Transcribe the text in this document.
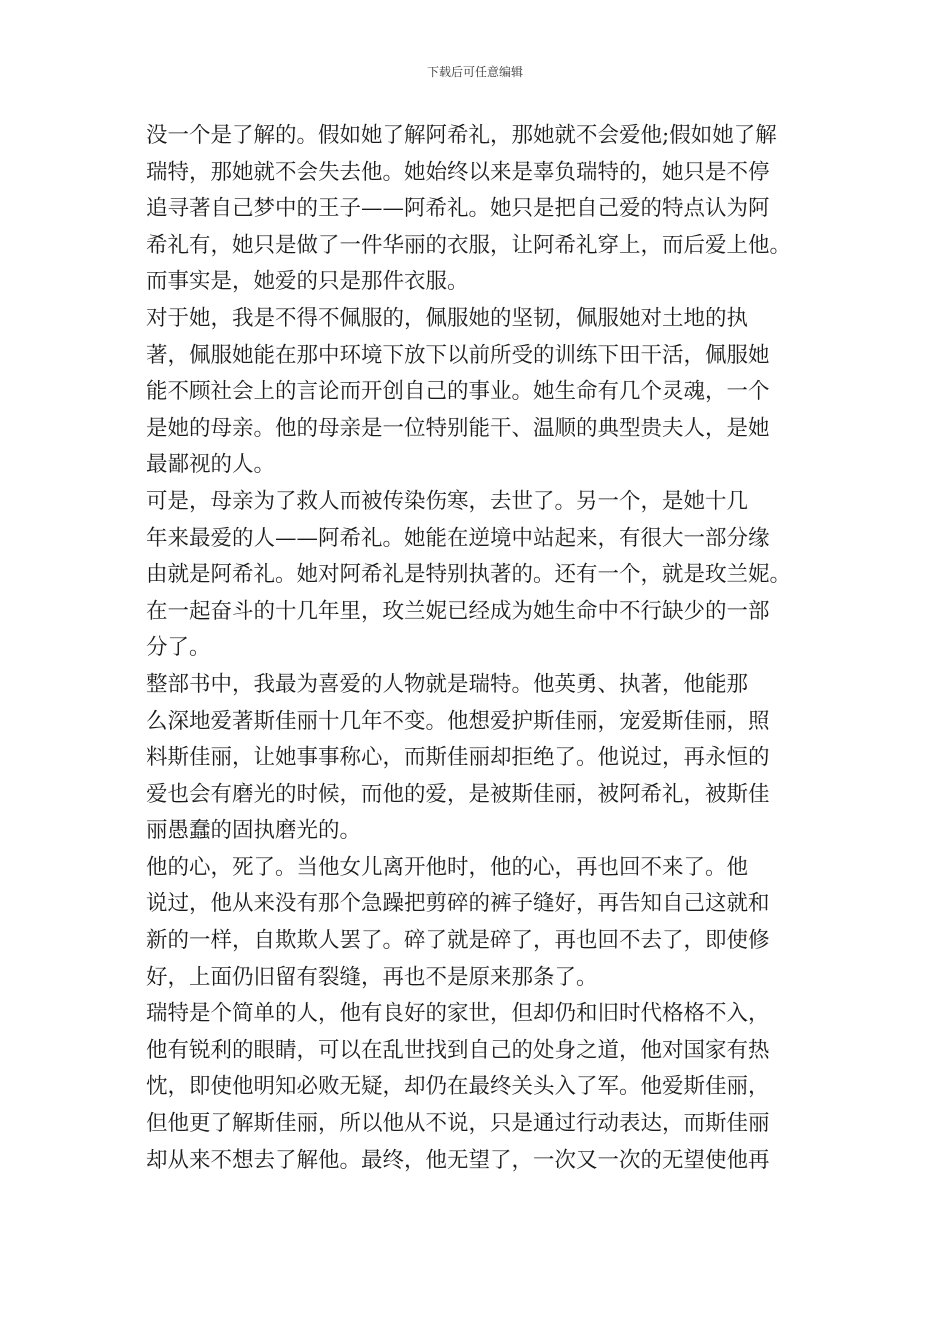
下载后可任意编辑
没一个是了解的。假如她了解阿希礼，那她就不会爱他;假如她了解
瑞特，那她就不会失去他。她始终以来是辜负瑞特的，她只是不停
追寻著自己梦中的王子——阿希礼。她只是把自己爱的特点认为阿
希礼有，她只是做了一件华丽的衣服，让阿希礼穿上，而后爱上他。
而事实是，她爱的只是那件衣服。
对于她，我是不得不佩服的，佩服她的坚韧，佩服她对土地的执
著，佩服她能在那中环境下放下以前所受的训练下田干活，佩服她
能不顾社会上的言论而开创自己的事业。她生命有几个灵魂，一个
是她的母亲。他的母亲是一位特别能干、温顺的典型贵夫人，是她
最鄙视的人。
可是，母亲为了救人而被传染伤寒，去世了。另一个，是她十几
年来最爱的人——阿希礼。她能在逆境中站起来，有很大一部分缘
由就是阿希礼。她对阿希礼是特别执著的。还有一个，就是玫兰妮。
在一起奋斗的十几年里，玫兰妮已经成为她生命中不行缺少的一部
分了。
整部书中，我最为喜爱的人物就是瑞特。他英勇、执著，他能那
么深地爱著斯佳丽十几年不变。他想爱护斯佳丽，宠爱斯佳丽，照
料斯佳丽，让她事事称心，而斯佳丽却拒绝了。他说过，再永恒的
爱也会有磨光的时候，而他的爱，是被斯佳丽，被阿希礼，被斯佳
丽愚蠢的固执磨光的。
他的心，死了。当他女儿离开他时，他的心，再也回不来了。他
说过，他从来没有那个急躁把剪碎的裤子缝好，再告知自己这就和
新的一样，自欺欺人罢了。碎了就是碎了，再也回不去了，即使修
好，上面仍旧留有裂缝，再也不是原来那条了。
瑞特是个简单的人，他有良好的家世，但却仍和旧时代格格不入，
他有锐利的眼睛，可以在乱世找到自己的处身之道，他对国家有热
忱，即使他明知必败无疑，却仍在最终关头入了军。他爱斯佳丽，
但他更了解斯佳丽，所以他从不说，只是通过行动表达，而斯佳丽
却从来不想去了解他。最终，他无望了，一次又一次的无望使他再
